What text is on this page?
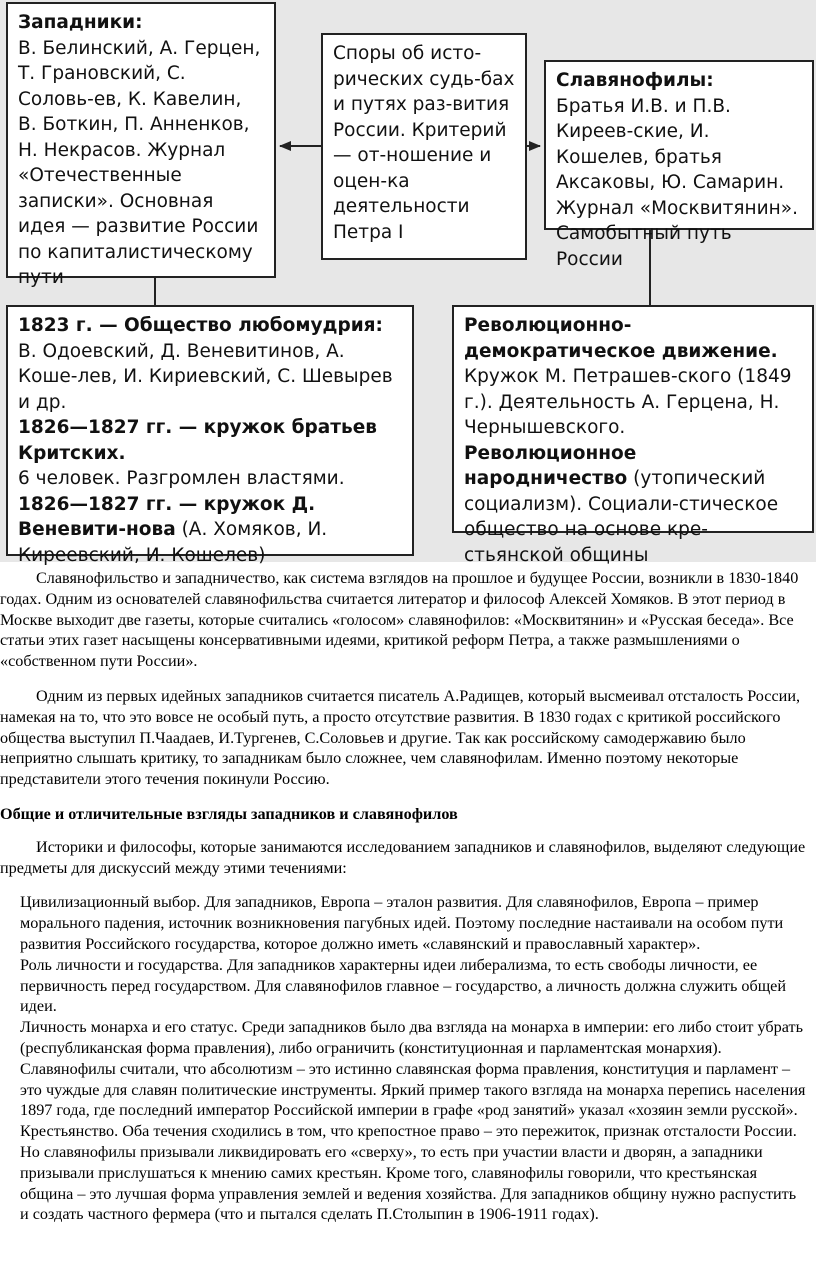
Западники:
В. Белинский, А. Герцен, Т. Грановский, С. Соловь-ев, К. Кавелин, В. Боткин, П. Анненков, Н. Некрасов. Журнал «Отечественные записки». Основная идея — развитие России по капиталистическому пути
Споры об исто-рических судь-бах и путях раз-вития России. Критерий — от-ношение и оцен-ка деятельности Петра I
Славянофилы:
Братья И.В. и П.В. Киреев-ские, И. Кошелев, братья Аксаковы, Ю. Самарин. Журнал «Москвитянин». Самобытный путь России
1823 г. — Общество любомудрия: В. Одоевский, Д. Веневитинов, А. Коше-лев, И. Кириевский, С. Шевырев и др.
1826—1827 гг. — кружок братьев Критских.
6 человек. Разгромлен властями.
1826—1827 гг. — кружок Д. Веневити-нова (А. Хомяков, И. Киреевский, И. Кошелев)
Революционно-демократическое движение. Кружок М. Петрашев-ского (1849 г.). Деятельность А. Герцена, Н. Чернышевского.
Революционное народничество (утопический социализм). Социали-стическое общество на основе кре-стьянской общины

Славянофильство и западничество, как система взглядов на прошлое и будущее России, возникли в 1830-1840 годах. Одним из основателей славянофильства считается литератор и философ Алексей Хомяков. В этот период в Москве выходит две газеты, которые считались «голосом» славянофилов: «Москвитянин» и «Русская беседа». Все статьи этих газет насыщены консервативными идеями, критикой реформ Петра, а также размышлениями о «собственном пути России».

Одним из первых идейных западников считается писатель А.Радищев, который высмеивал отсталость России, намекая на то, что это вовсе не особый путь, а просто отсутствие развития. В 1830 годах с критикой российского общества выступил П.Чаадаев, И.Тургенев, С.Соловьев и другие. Так как российскому самодержавию было неприятно слышать критику, то западникам было сложнее, чем славянофилам. Именно поэтому некоторые представители этого течения покинули Россию.

Общие и отличительные взгляды западников и славянофилов

Историки и философы, которые занимаются исследованием западников и славянофилов, выделяют следующие предметы для дискуссий между этими течениями:

Цивилизационный выбор. Для западников, Европа – эталон развития. Для славянофилов, Европа – пример морального падения, источник возникновения пагубных идей. Поэтому последние настаивали на особом пути развития Российского государства, которое должно иметь «славянский и православный характер».
Роль личности и государства. Для западников характерны идеи либерализма, то есть свободы личности, ее первичность перед государством. Для славянофилов главное – государство, а личность должна служить общей идеи.
Личность монарха и его статус. Среди западников было два взгляда на монарха в империи: его либо стоит убрать (республиканская форма правления), либо ограничить (конституционная и парламентская монархия). Славянофилы считали, что абсолютизм – это истинно славянская форма правления, конституция и парламент – это чуждые для славян политические инструменты. Яркий пример такого взгляда на монарха перепись населения 1897 года, где последний император Российской империи в графе «род занятий» указал «хозяин земли русской».
Крестьянство. Оба течения сходились в том, что крепостное право – это пережиток, признак отсталости России. Но славянофилы призывали ликвидировать его «сверху», то есть при участии власти и дворян, а западники призывали прислушаться к мнению самих крестьян. Кроме того, славянофилы говорили, что крестьянская община – это лучшая форма управления землей и ведения хозяйства. Для западников общину нужно распустить и создать частного фермера (что и пытался сделать П.Столыпин в 1906-1911 годах).
